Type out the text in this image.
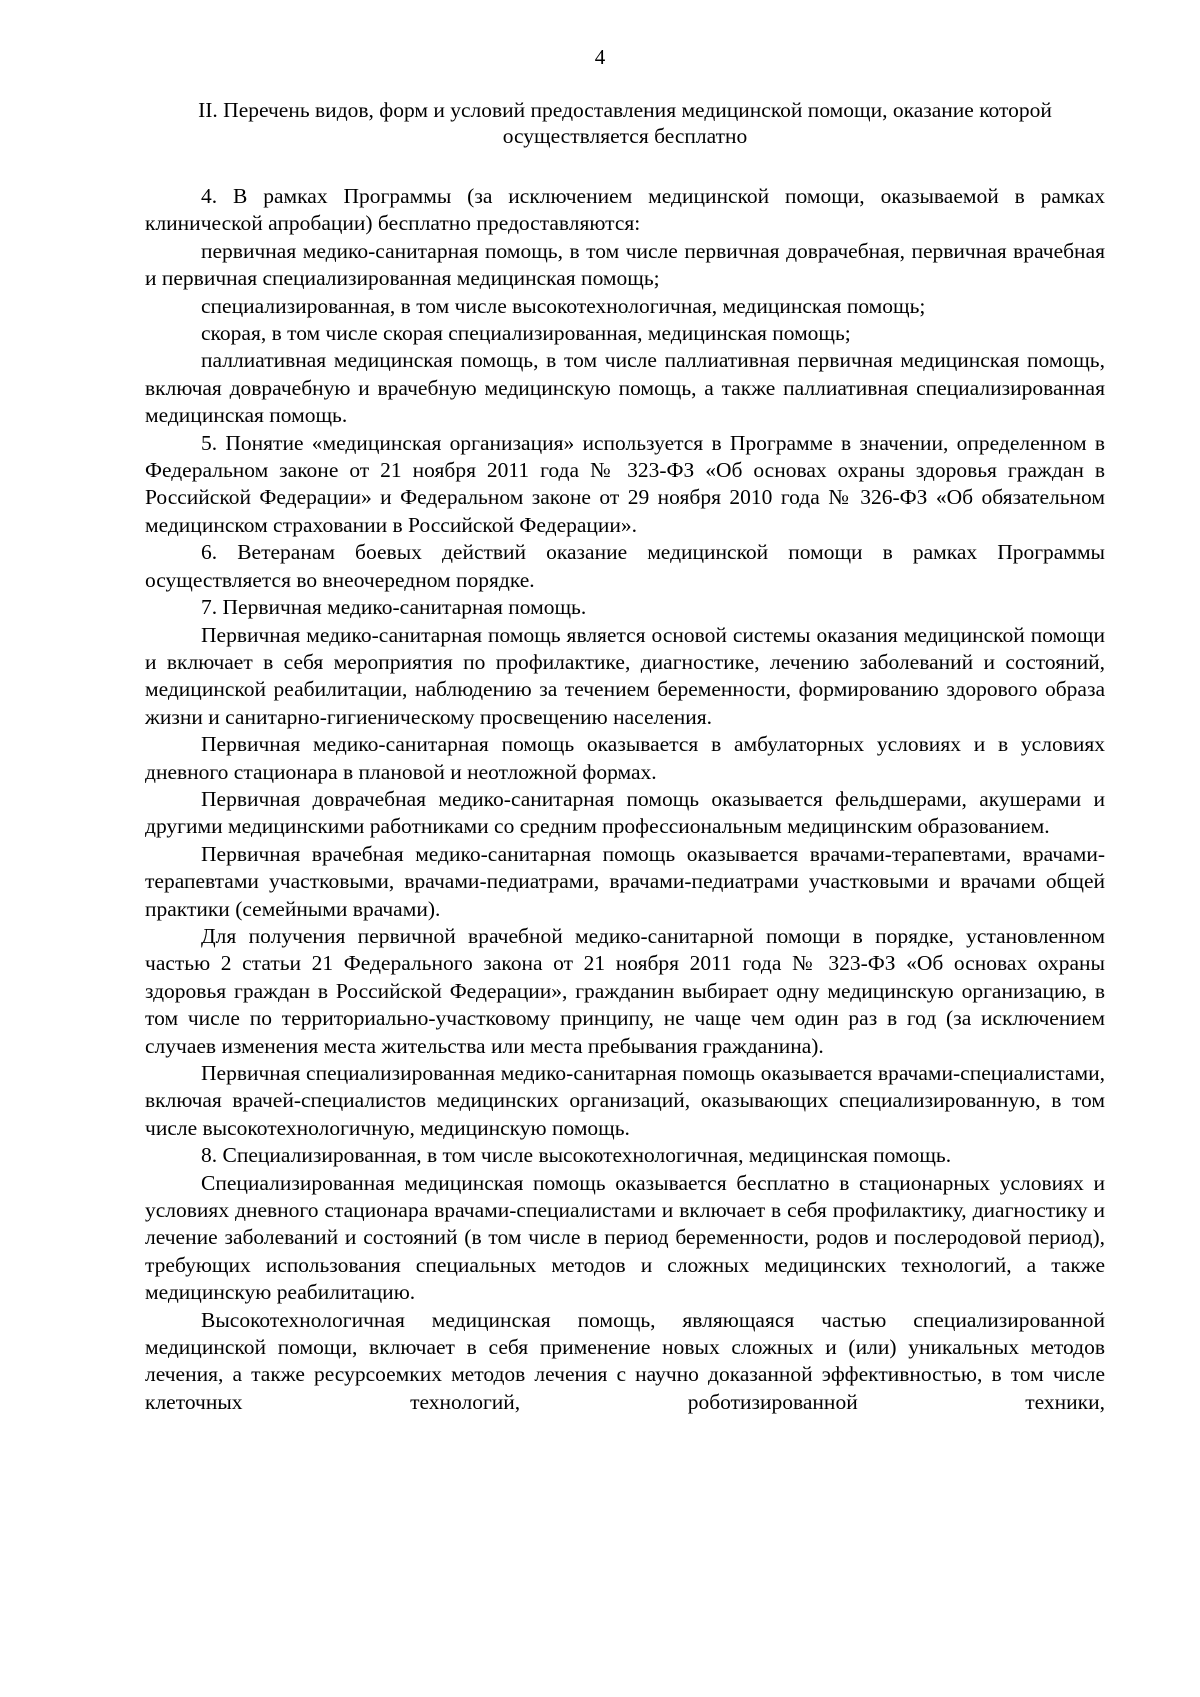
4
II. Перечень видов, форм и условий предоставления медицинской помощи, оказание которой осуществляется бесплатно

4. В рамках Программы (за исключением медицинской помощи, оказываемой в рамках клинической апробации) бесплатно предоставляются:

первичная медико-санитарная помощь, в том числе первичная доврачебная, первичная врачебная и первичная специализированная медицинская помощь;

специализированная, в том числе высокотехнологичная, медицинская помощь;

скорая, в том числе скорая специализированная, медицинская помощь;

паллиативная медицинская помощь, в том числе паллиативная первичная медицинская помощь, включая доврачебную и врачебную медицинскую помощь, а также паллиативная специализированная медицинская помощь.

5. Понятие «медицинская организация» используется в Программе в значении, определенном в Федеральном законе от 21 ноября 2011 года № 323-ФЗ «Об основах охраны здоровья граждан в Российской Федерации» и Федеральном законе от 29 ноября 2010 года № 326-ФЗ «Об обязательном медицинском страховании в Российской Федерации».

6. Ветеранам боевых действий оказание медицинской помощи в рамках Программы осуществляется во внеочередном порядке.

7. Первичная медико-санитарная помощь.

Первичная медико-санитарная помощь является основой системы оказания медицинской помощи и включает в себя мероприятия по профилактике, диагностике, лечению заболеваний и состояний, медицинской реабилитации, наблюдению за течением беременности, формированию здорового образа жизни и санитарно-гигиеническому просвещению населения.

Первичная медико-санитарная помощь оказывается в амбулаторных условиях и в условиях дневного стационара в плановой и неотложной формах.

Первичная доврачебная медико-санитарная помощь оказывается фельдшерами, акушерами и другими медицинскими работниками со средним профессиональным медицинским образованием.

Первичная врачебная медико-санитарная помощь оказывается врачами-терапевтами, врачами-терапевтами участковыми, врачами-педиатрами, врачами-педиатрами участковыми и врачами общей практики (семейными врачами).

Для получения первичной врачебной медико-санитарной помощи в порядке, установленном частью 2 статьи 21 Федерального закона от 21 ноября 2011 года № 323-ФЗ «Об основах охраны здоровья граждан в Российской Федерации», гражданин выбирает одну медицинскую организацию, в том числе по территориально-участковому принципу, не чаще чем один раз в год (за исключением случаев изменения места жительства или места пребывания гражданина).

Первичная специализированная медико-санитарная помощь оказывается врачами-специалистами, включая врачей-специалистов медицинских организаций, оказывающих специализированную, в том числе высокотехнологичную, медицинскую помощь.

8. Специализированная, в том числе высокотехнологичная, медицинская помощь.

Специализированная медицинская помощь оказывается бесплатно в стационарных условиях и условиях дневного стационара врачами-специалистами и включает в себя профилактику, диагностику и лечение заболеваний и состояний (в том числе в период беременности, родов и послеродовой период), требующих использования специальных методов и сложных медицинских технологий, а также медицинскую реабилитацию.

Высокотехнологичная медицинская помощь, являющаяся частью специализированной медицинской помощи, включает в себя применение новых сложных и (или) уникальных методов лечения, а также ресурсоемких методов лечения с научно доказанной эффективностью, в том числе клеточных технологий, роботизированной техники,
